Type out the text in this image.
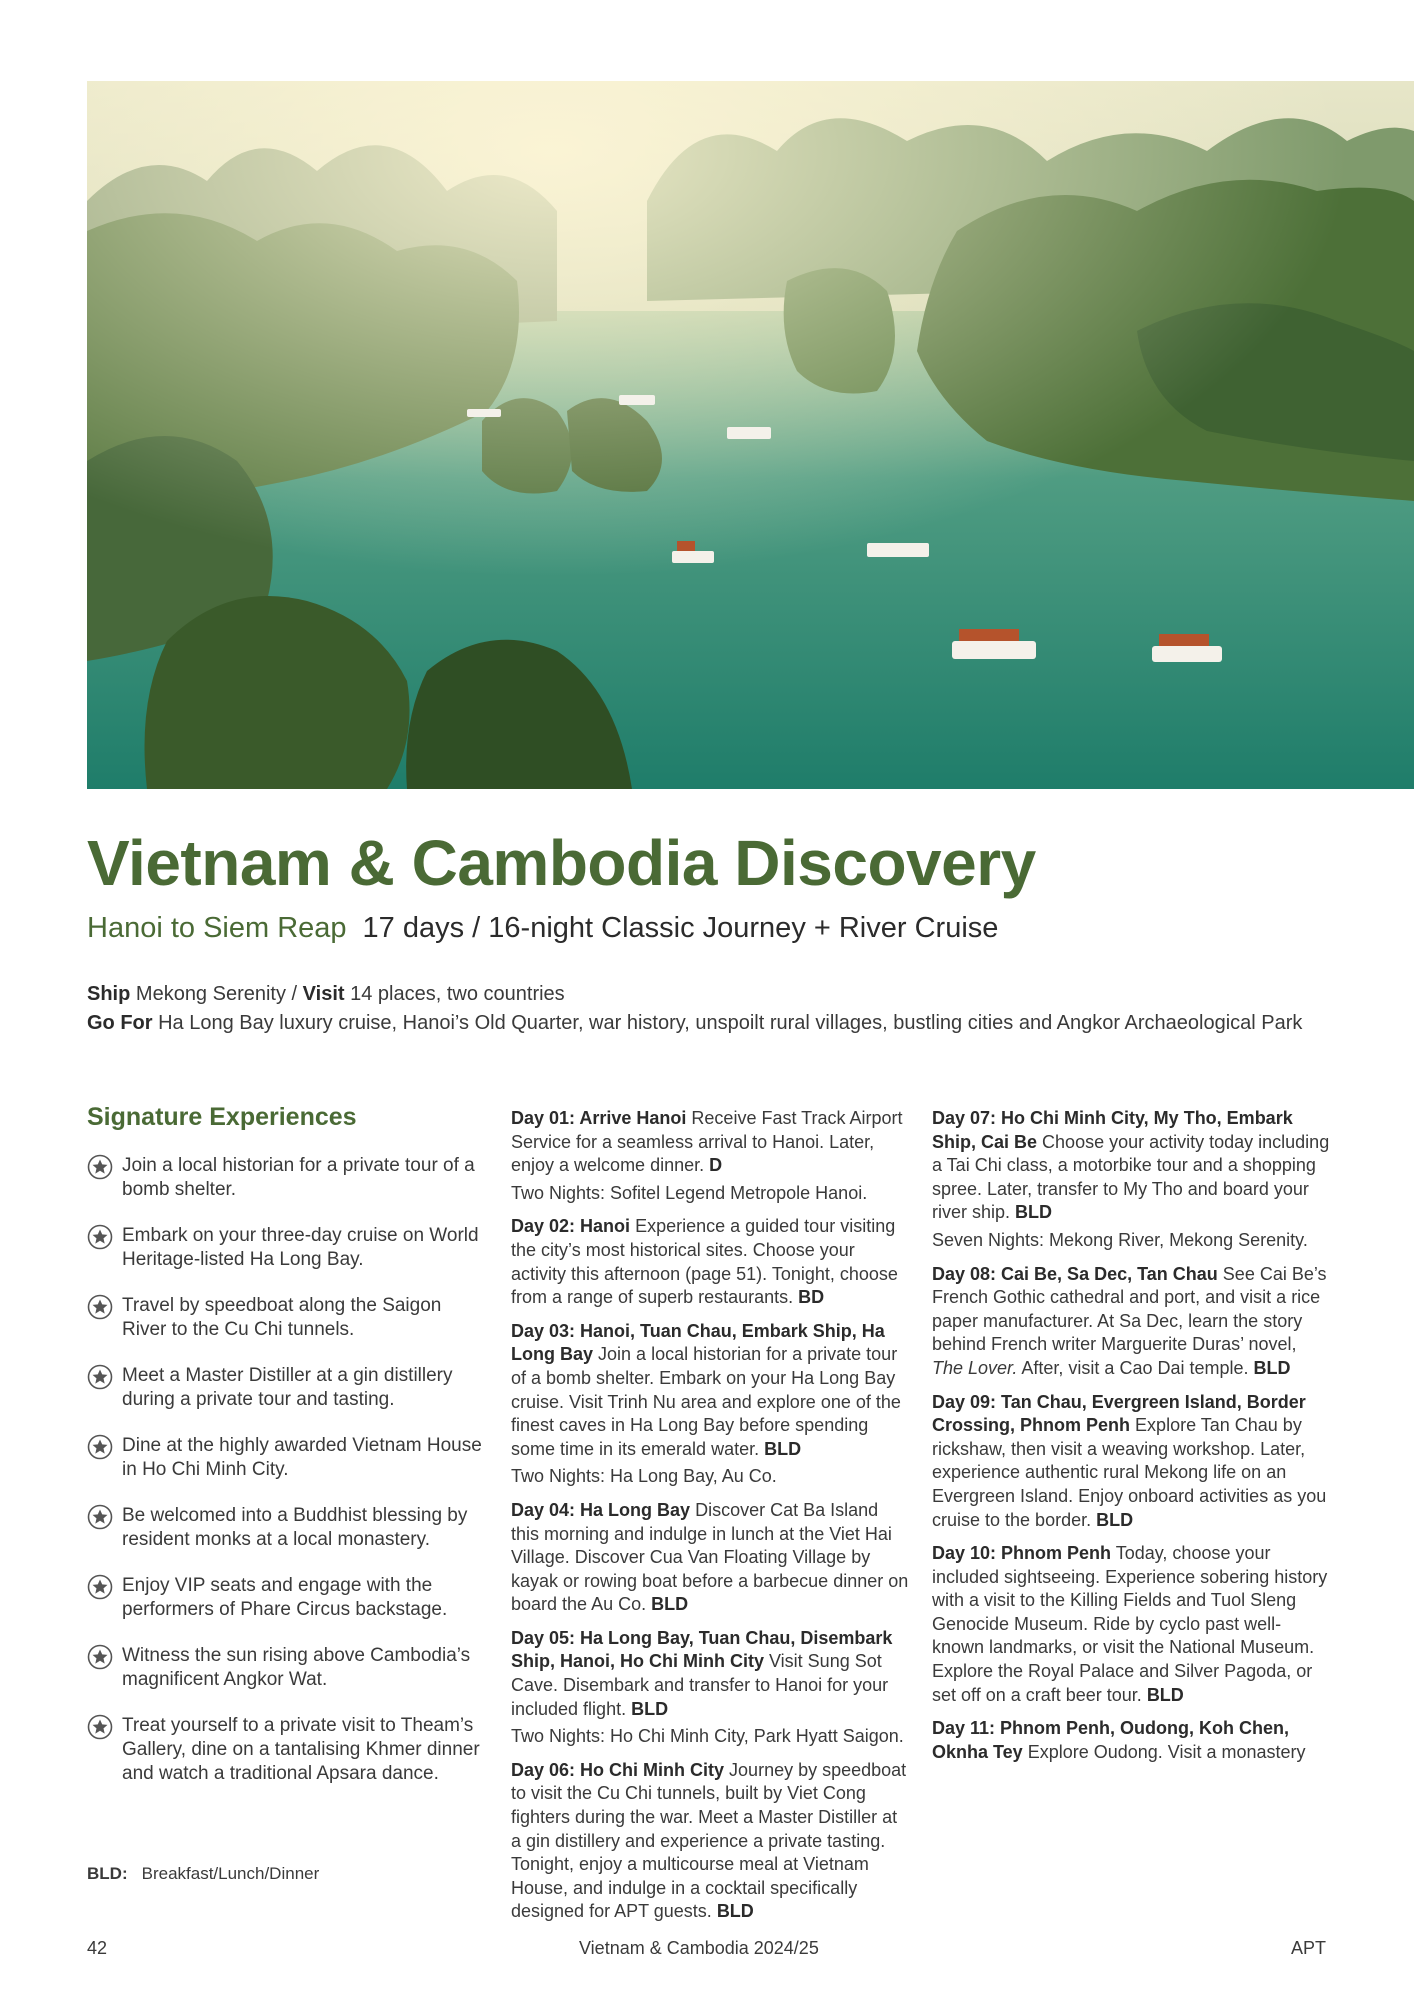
Vietnam & Cambodia Discovery
Hanoi to Siem Reap 17 days / 16-night Classic Journey + River Cruise
Ship Mekong Serenity / Visit 14 places, two countries
Go For Ha Long Bay luxury cruise, Hanoi’s Old Quarter, war history, unspoilt rural villages, bustling cities and Angkor Archaeological Park
Signature Experiences
Join a local historian for a private tour of a bomb shelter.
Embark on your three-day cruise on World Heritage-listed Ha Long Bay.
Travel by speedboat along the Saigon River to the Cu Chi tunnels.
Meet a Master Distiller at a gin distillery during a private tour and tasting.
Dine at the highly awarded Vietnam House in Ho Chi Minh City.
Be welcomed into a Buddhist blessing by resident monks at a local monastery.
Enjoy VIP seats and engage with the performers of Phare Circus backstage.
Witness the sun rising above Cambodia’s magnificent Angkor Wat.
Treat yourself to a private visit to Theam’s Gallery, dine on a tantalising Khmer dinner and watch a traditional Apsara dance.
BLD: Breakfast/Lunch/Dinner

Day 01: Arrive Hanoi Receive Fast Track Airport Service for a seamless arrival to Hanoi. Later, enjoy a welcome dinner. D

Two Nights: Sofitel Legend Metropole Hanoi.

Day 02: Hanoi Experience a guided tour visiting the city’s most historical sites. Choose your activity this afternoon (page 51). Tonight, choose from a range of superb restaurants. BD

Day 03: Hanoi, Tuan Chau, Embark Ship, Ha Long Bay Join a local historian for a private tour of a bomb shelter. Embark on your Ha Long Bay cruise. Visit Trinh Nu area and explore one of the finest caves in Ha Long Bay before spending some time in its emerald water. BLD

Two Nights: Ha Long Bay, Au Co.

Day 04: Ha Long Bay Discover Cat Ba Island this morning and indulge in lunch at the Viet Hai Village. Discover Cua Van Floating Village by kayak or rowing boat before a barbecue dinner on board the Au Co. BLD

Day 05: Ha Long Bay, Tuan Chau, Disembark Ship, Hanoi, Ho Chi Minh City Visit Sung Sot Cave. Disembark and transfer to Hanoi for your included flight. BLD

Two Nights: Ho Chi Minh City, Park Hyatt Saigon.

Day 06: Ho Chi Minh City Journey by speedboat to visit the Cu Chi tunnels, built by Viet Cong fighters during the war. Meet a Master Distiller at a gin distillery and experience a private tasting. Tonight, enjoy a multicourse meal at Vietnam House, and indulge in a cocktail specifically designed for APT guests. BLD

Day 07: Ho Chi Minh City, My Tho, Embark Ship, Cai Be Choose your activity today including a Tai Chi class, a motorbike tour and a shopping spree. Later, transfer to My Tho and board your river ship. BLD

Seven Nights: Mekong River, Mekong Serenity.

Day 08: Cai Be, Sa Dec, Tan Chau See Cai Be’s French Gothic cathedral and port, and visit a rice paper manufacturer. At Sa Dec, learn the story behind French writer Marguerite Duras’ novel, The Lover. After, visit a Cao Dai temple. BLD

Day 09: Tan Chau, Evergreen Island, Border Crossing, Phnom Penh Explore Tan Chau by rickshaw, then visit a weaving workshop. Later, experience authentic rural Mekong life on an Evergreen Island. Enjoy onboard activities as you cruise to the border. BLD

Day 10: Phnom Penh Today, choose your included sightseeing. Experience sobering history with a visit to the Killing Fields and Tuol Sleng Genocide Museum. Ride by cyclo past well-known landmarks, or visit the National Museum. Explore the Royal Palace and Silver Pagoda, or set off on a craft beer tour. BLD

Day 11: Phnom Penh, Oudong, Koh Chen, Oknha Tey Explore Oudong. Visit a monastery

42	Vietnam & Cambodia 2024/25	APT
